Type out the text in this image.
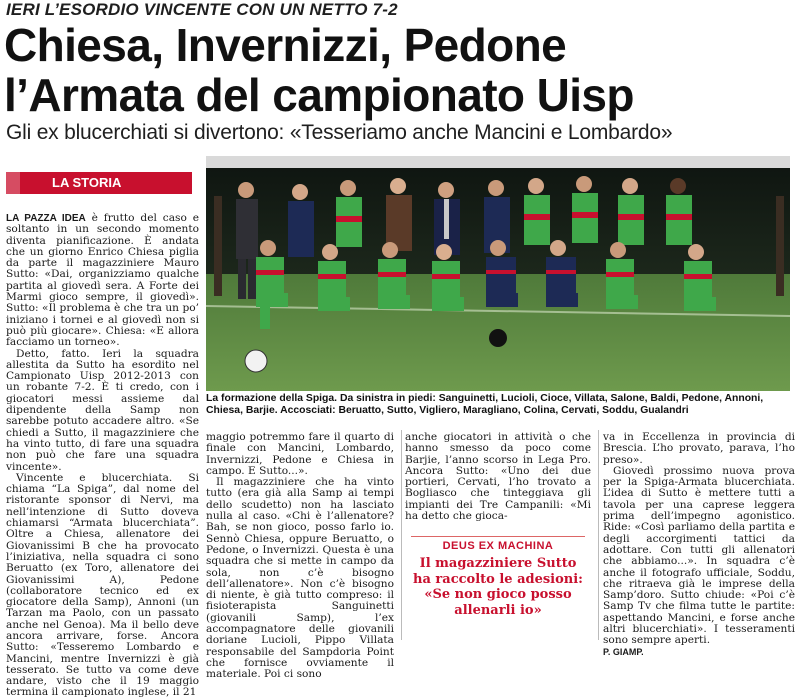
IERI L’ESORDIO VINCENTE CON UN NETTO 7-2
Chiesa, Invernizzi, Pedone
l’Armata del campionato Uisp
Gli ex blucerchiati si divertono: «Tesseriamo anche Mancini e Lombardo»
LA STORIA

LA PAZZA IDEA è frutto del caso e soltanto in un secondo momento diventa pianificazione. È andata che un giorno Enrico Chiesa piglia da parte il magazziniere Mauro Sutto: «Dai, organizziamo qualche partita al giovedì sera. A Forte dei Marmi gioco sempre, il giovedì». Sutto: «Il problema è che tra un po’ iniziano i tornei e al giovedì non si può più giocare». Chiesa: «E allora facciamo un torneo».

Detto, fatto. Ieri la squadra allestita da Sutto ha esordito nel Campionato Uisp 2012-2013 con un robante 7-2. È ti credo, con i giocatori messi assieme dal dipendente della Samp non sarebbe potuto accadere altro. «Se chiedi a Sutto, il magazziniere che ha vinto tutto, di fare una squadra non può che fare una squadra vincente».

Vincente e blucerchiata. Si chiama “La Spiga”, dal nome del ristorante sponsor di Nervi, ma nell’intenzione di Sutto doveva chiamarsi “Armata blucerchiata”. Oltre a Chiesa, allenatore dei Giovanissimi B che ha provocato l’iniziativa, nella squadra ci sono Beruatto (ex Toro, allenatore dei Giovanissimi A), Pedone (collaboratore tecnico ed ex giocatore della Samp), Annoni (un Tarzan ma Paolo, con un passato anche nel Genoa). Ma il bello deve ancora arrivare, forse. Ancora Sutto: «Tesseremo Lombardo e Mancini, mentre Invernizzi è già tesserato. Se tutto va come deve andare, visto che il 19 maggio termina il campionato inglese, il 21

La formazione della Spiga. Da sinistra in piedi: Sanguinetti, Lucioli, Cioce, Villata, Salone, Baldi, Pedone, Annoni, Chiesa, Barjie. Accosciati: Beruatto, Sutto, Vigliero, Maraglianο, Colina, Cervati, Soddu, Gualandri

maggio potremmo fare il quarto di finale con Mancini, Lombardo, Invernizzi, Pedone e Chiesa in campo. E Sutto...».

Il magazziniere che ha vinto tutto (era già alla Samp ai tempi dello scudetto) non ha lasciato nulla al caso. «Chi è l’allenatore? Bah, se non gioco, posso farlo io. Sennò Chiesa, oppure Beruatto, o Pedone, o Invernizzi. Questa è una squadra che si mette in campo da sola, non c’è bisogno dell’allenatore». Non c’è bisogno di niente, è già tutto compreso: il fisioterapista Sanguinetti (giovanili Samp), l’ex accompagnatore delle giovanili doriane Lucioli, Pippo Villata responsabile del Sampdoria Point che fornisce ovviamente il materiale. Poi ci sono

anche giocatori in attività o che hanno smesso da poco come Barjie, l’anno scorso in Lega Pro. Ancora Sutto: «Uno dei due portieri, Cervati, l’ho trovato a Bogliasco che tinteggiava gli impianti dei Tre Campanili: «Mi ha detto che gioca-

DEUS EX MACHINA
Il magazziniere Sutto ha raccolto le adesioni: «Se non gioco posso allenarli io»

va in Eccellenza in provincia di Brescia. L’ho provato, parava, l’ho preso».

Giovedì prossimo nuova prova per la Spiga-Armata blucerchiata. L’idea di Sutto è mettere tutti a tavola per una caprese leggera prima dell’impegno agonistico. Ride: «Così parliamo della partita e degli accorgimenti tattici da adottare. Con tutti gli allenatori che abbiamo...». In squadra c’è anche il fotografo ufficiale, Soddu, che ritraeva già le imprese della Samp’doro. Sutto chiude: «Poi c’è Samp Tv che filma tutte le partite: aspettando Mancini, e forse anche altri blucerchiati». I tesseramenti sono sempre aperti.

P. GIAMP.
